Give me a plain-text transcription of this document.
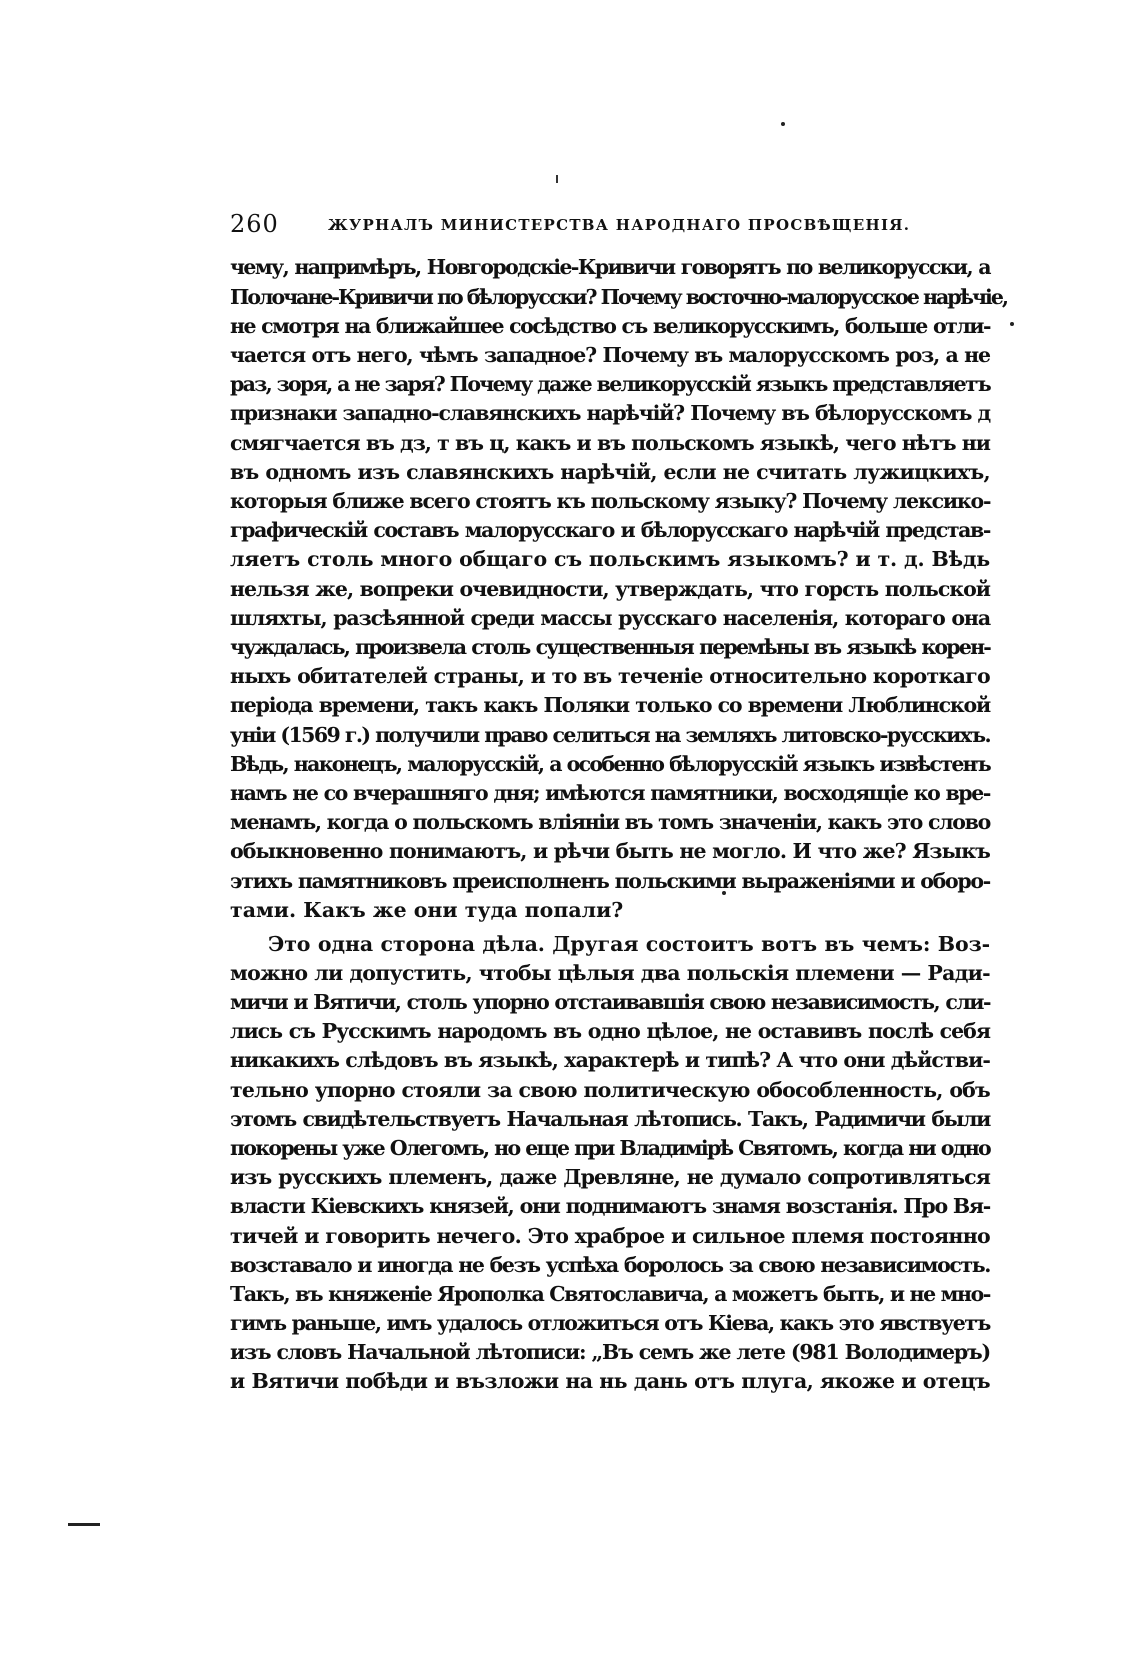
260	ЖУРНАЛЪ МИНИСТЕРСТВА НАРОДНАГО ПРОСВѢЩЕНІЯ.
чему, напримѣръ, Новгородскіе-Кривичи говорятъ по великорусски, а
Полочане-Кривичи по бѣлорусски? Почему восточно-малорусское нарѣчіе,
не смотря на ближайшее сосѣдство съ великорусскимъ, больше отли-
чается отъ него, чѣмъ западное? Почему въ малорусскомъ роз, а не
раз, зоря, а не заря? Почему даже великорусскій языкъ представляетъ
признаки западно-славянскихъ нарѣчій? Почему въ бѣлорусскомъ д
смягчается въ дз, т въ ц, какъ и въ польскомъ языкѣ, чего нѣтъ ни
въ одномъ изъ славянскихъ нарѣчій, если не считать лужицкихъ,
которыя ближе всего стоятъ къ польскому языку? Почему лексико-
графическій составъ малорусскаго и бѣлорусскаго нарѣчій представ-
ляетъ столь много общаго съ польскимъ языкомъ? и т. д. Вѣдь
нельзя же, вопреки очевидности, утверждать, что горсть польской
шляхты, разсѣянной среди массы русскаго населенія, котораго она
чуждалась, произвела столь существенныя перемѣны въ языкѣ корен-
ныхъ обитателей страны, и то въ теченіе относительно короткаго
періода времени, такъ какъ Поляки только со времени Люблинской
уніи (1569 г.) получили право селиться на земляхъ литовско-русскихъ.
Вѣдь, наконецъ, малорусскій, а особенно бѣлорусскій языкъ извѣстенъ
намъ не со вчерашняго дня; имѣются памятники, восходящіе ко вре-
менамъ, когда о польскомъ вліяніи въ томъ значеніи, какъ это слово
обыкновенно понимаютъ, и рѣчи быть не могло. И что же? Языкъ
этихъ памятниковъ преисполненъ польскими выраженіями и оборо-
тами. Какъ же они туда попали?
Это одна сторона дѣла. Другая состоитъ вотъ въ чемъ: Воз-
можно ли допустить, чтобы цѣлыя два польскія племени — Ради-
мичи и Вятичи, столь упорно отстаивавшія свою независимость, сли-
лись съ Русскимъ народомъ въ одно цѣлое, не оставивъ послѣ себя
никакихъ слѣдовъ въ языкѣ, характерѣ и типѣ? А что они дѣйстви-
тельно упорно стояли за свою политическую обособленность, объ
этомъ свидѣтельствуетъ Начальная лѣтопись. Такъ, Радимичи были
покорены уже Олегомъ, но еще при Владимірѣ Святомъ, когда ни одно
изъ русскихъ племенъ, даже Древляне, не думало сопротивляться
власти Кіевскихъ князей, они поднимаютъ знамя возстанія. Про Вя-
тичей и говорить нечего. Это храброе и сильное племя постоянно
возставало и иногда не безъ успѣха боролось за свою независимость.
Такъ, въ княженіе Ярополка Святославича, а можетъ быть, и не мно-
гимъ раньше, имъ удалось отложиться отъ Кіева, какъ это явствуетъ
изъ словъ Начальной лѣтописи: „Въ семъ же лете (981 Володимеръ)
и Вятичи побѣди и възложи на нь дань отъ плуга, якоже и отецъ
